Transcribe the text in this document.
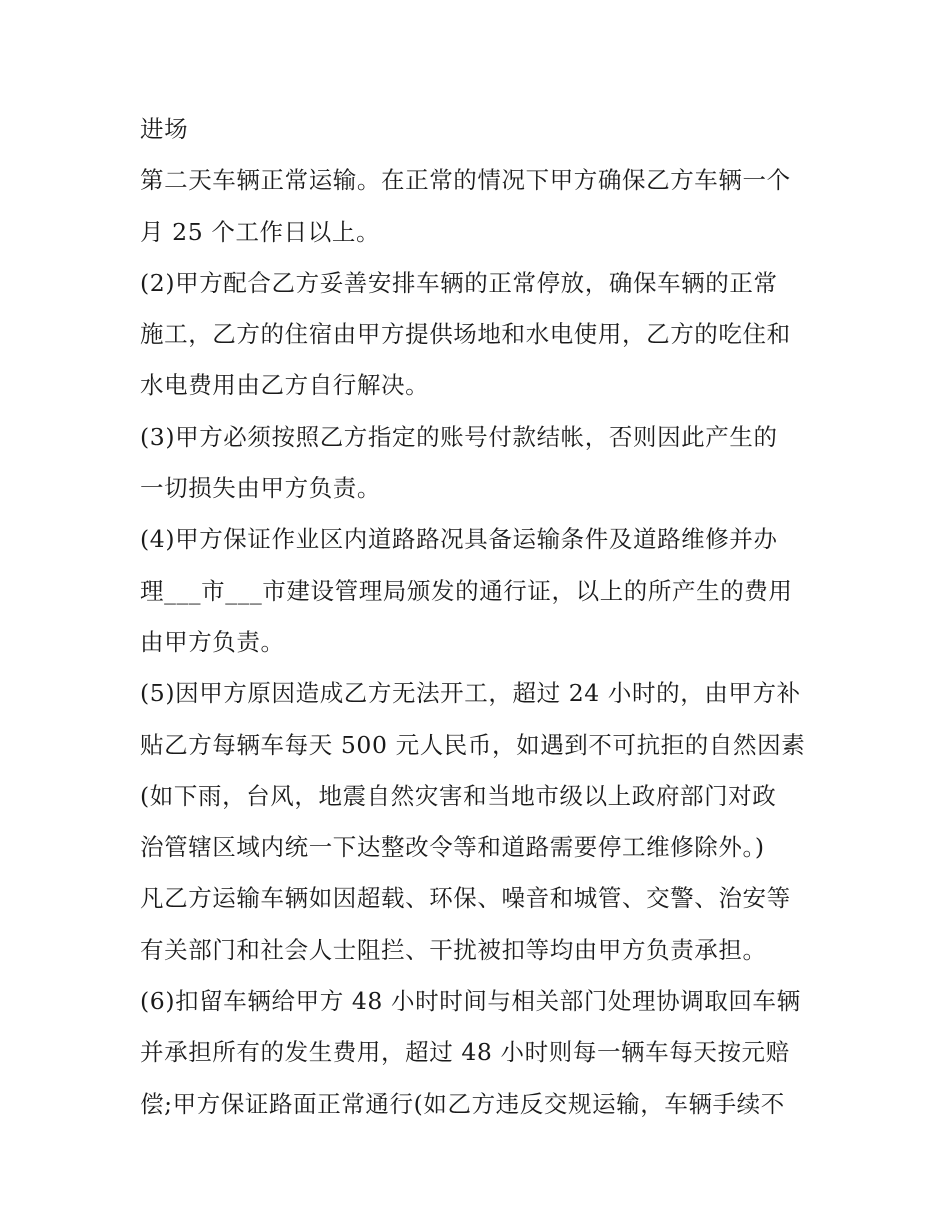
进场
第二天车辆正常运输。在正常的情况下甲方确保乙方车辆一个
月 25 个工作日以上。
(2)甲方配合乙方妥善安排车辆的正常停放，确保车辆的正常
施工，乙方的住宿由甲方提供场地和水电使用，乙方的吃住和
水电费用由乙方自行解决。
(3)甲方必须按照乙方指定的账号付款结帐，否则因此产生的
一切损失由甲方负责。
(4)甲方保证作业区内道路路况具备运输条件及道路维修并办
理___市___市建设管理局颁发的通行证，以上的所产生的费用
由甲方负责。
(5)因甲方原因造成乙方无法开工，超过 24 小时的，由甲方补
贴乙方每辆车每天 500 元人民币，如遇到不可抗拒的自然因素
(如下雨，台风，地震自然灾害和当地市级以上政府部门对政
治管辖区域内统一下达整改令等和道路需要停工维修除外。)
凡乙方运输车辆如因超载、环保、噪音和城管、交警、治安等
有关部门和社会人士阻拦、干扰被扣等均由甲方负责承担。
(6)扣留车辆给甲方 48 小时时间与相关部门处理协调取回车辆
并承担所有的发生费用，超过 48 小时则每一辆车每天按元赔
偿;甲方保证路面正常通行(如乙方违反交规运输，车辆手续不
